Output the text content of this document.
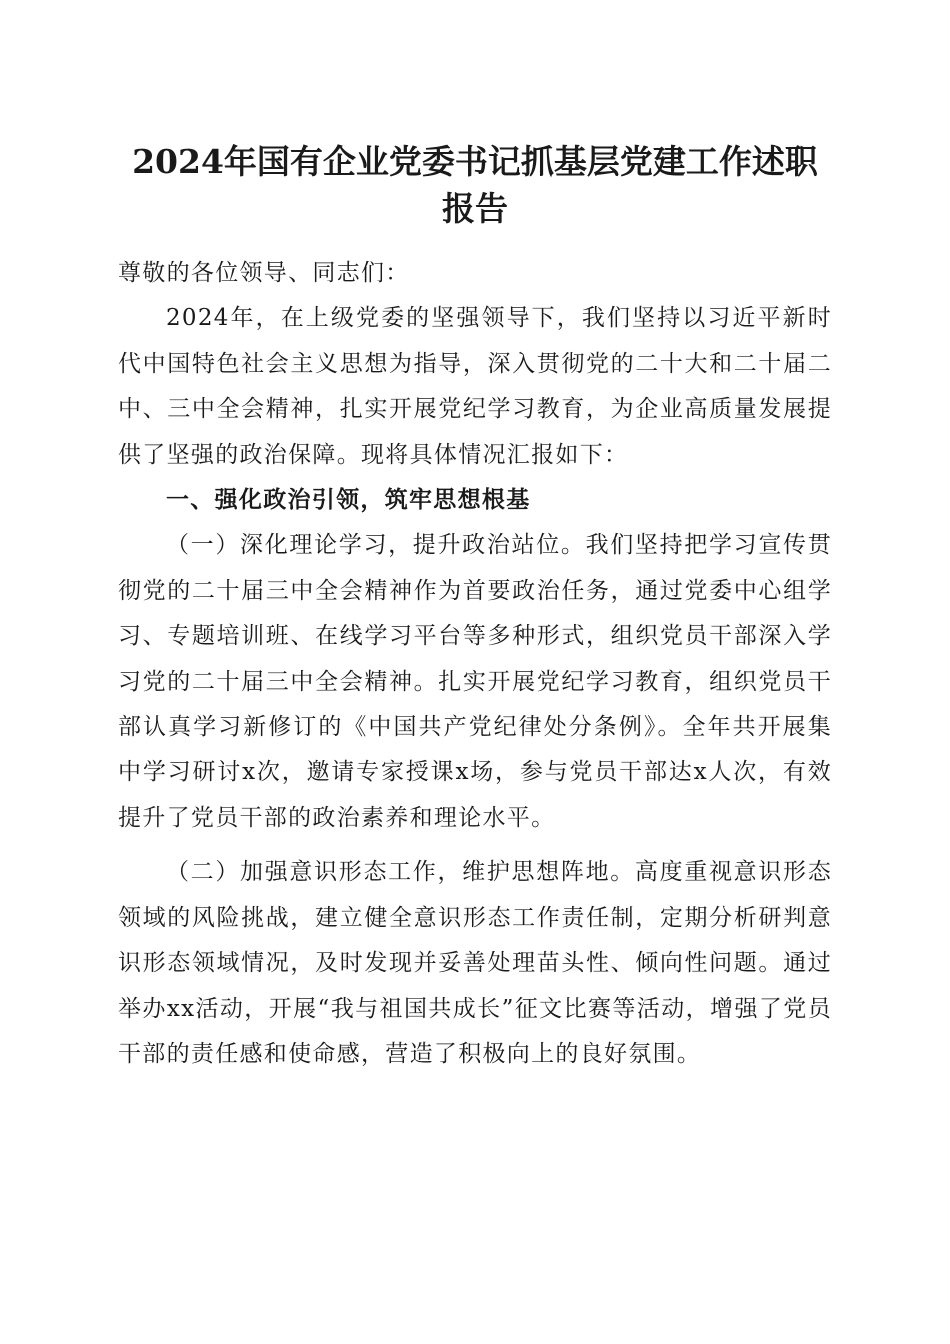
2024年国有企业党委书记抓基层党建工作述职报告

尊敬的各位领导、同志们：

2024年，在上级党委的坚强领导下，我们坚持以习近平新时代中国特色社会主义思想为指导，深入贯彻党的二十大和二十届二中、三中全会精神，扎实开展党纪学习教育，为企业高质量发展提供了坚强的政治保障。现将具体情况汇报如下：

一、强化政治引领，筑牢思想根基

（一）深化理论学习，提升政治站位。我们坚持把学习宣传贯彻党的二十届三中全会精神作为首要政治任务，通过党委中心组学习、专题培训班、在线学习平台等多种形式，组织党员干部深入学习党的二十届三中全会精神。扎实开展党纪学习教育，组织党员干部认真学习新修订的《中国共产党纪律处分条例》。全年共开展集中学习研讨x次，邀请专家授课x场，参与党员干部达x人次，有效提升了党员干部的政治素养和理论水平。

（二）加强意识形态工作，维护思想阵地。高度重视意识形态领域的风险挑战，建立健全意识形态工作责任制，定期分析研判意识形态领域情况，及时发现并妥善处理苗头性、倾向性问题。通过举办xx活动，开展“我与祖国共成长”征文比赛等活动，增强了党员干部的责任感和使命感，营造了积极向上的良好氛围。
